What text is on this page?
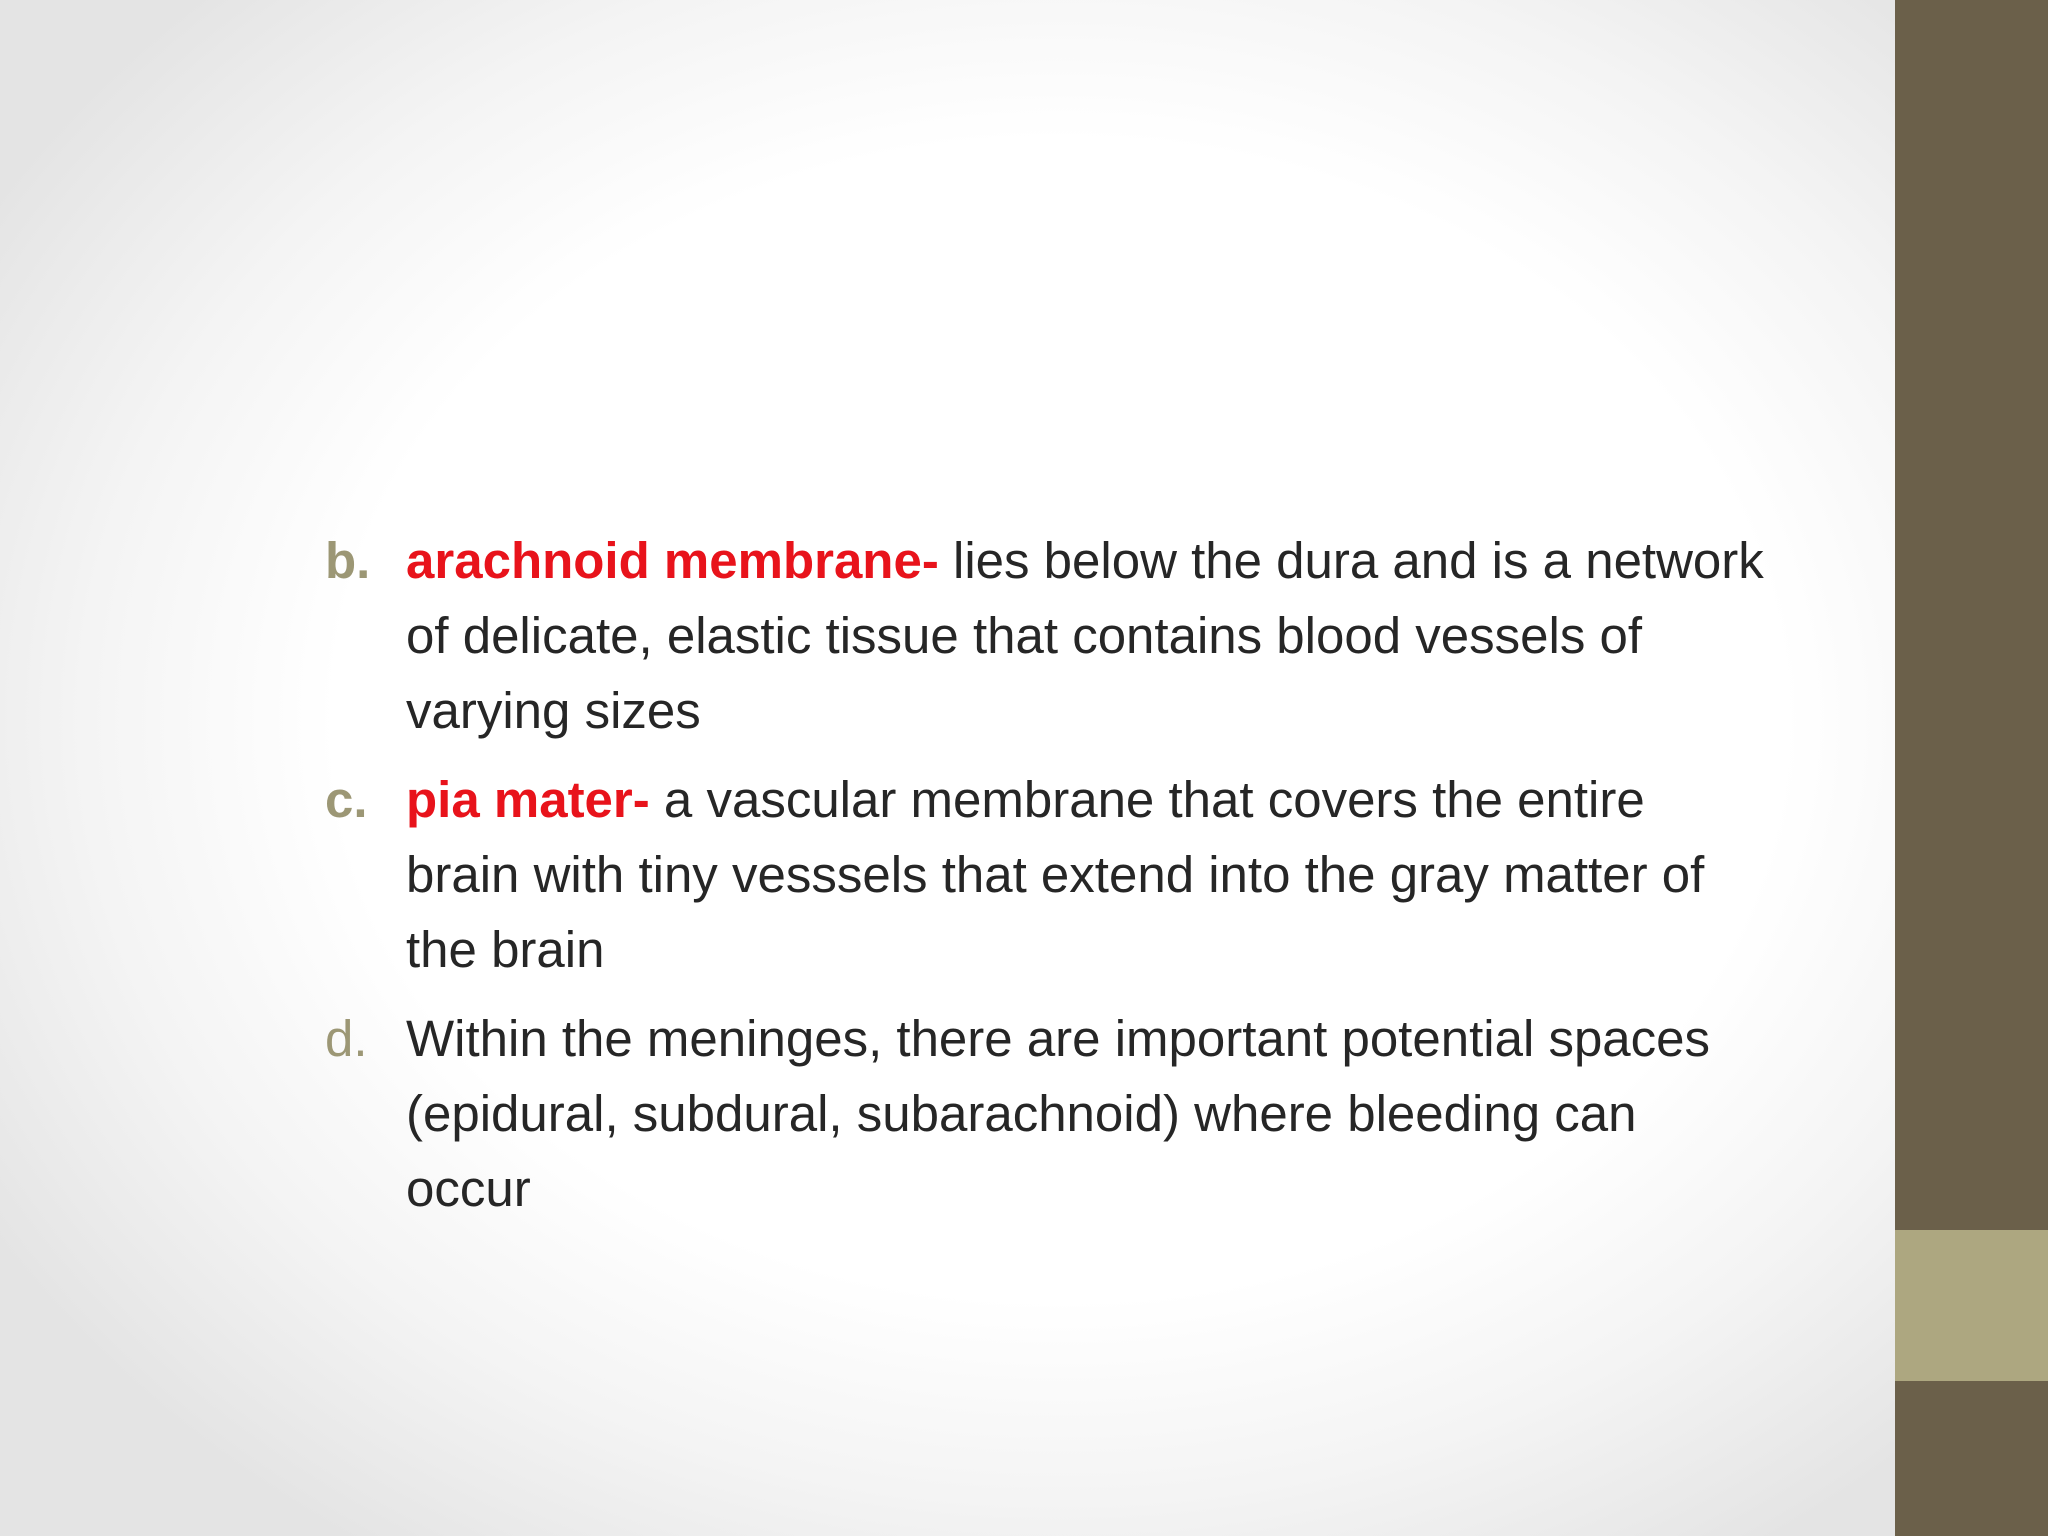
b. arachnoid membrane- lies below the dura and is a network of delicate, elastic tissue that contains blood vessels of varying sizes
c. pia mater- a vascular membrane that covers the entire brain with tiny vesssels that extend into the gray matter of the brain
d. Within the meninges, there are important potential spaces (epidural, subdural, subarachnoid) where bleeding can occur
